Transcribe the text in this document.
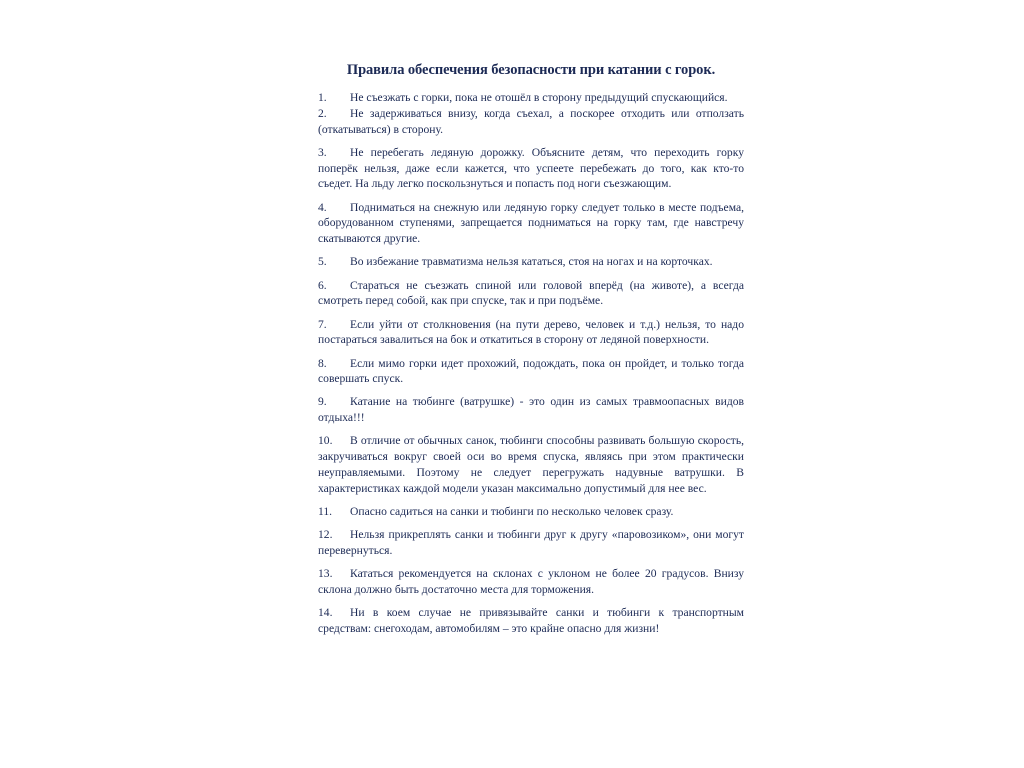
Правила обеспечения безопасности при катании с горок.
1. Не съезжать с горки, пока не отошёл в сторону предыдущий спускающийся.
2. Не задерживаться внизу, когда съехал, а поскорее отходить или отползать (откатываться) в сторону.
3. Не перебегать ледяную дорожку. Объясните детям, что переходить горку поперёк нельзя, даже если кажется, что успеете перебежать до того, как кто-то съедет. На льду легко поскользнуться и попасть под ноги съезжающим.
4. Подниматься на снежную или ледяную горку следует только в месте подъема, оборудованном ступенями, запрещается подниматься на горку там, где навстречу скатываются другие.
5. Во избежание травматизма нельзя кататься, стоя на ногах и на корточках.
6. Стараться не съезжать спиной или головой вперёд (на животе), а всегда смотреть перед собой, как при спуске, так и при подъёме.
7. Если уйти от столкновения (на пути дерево, человек и т.д.) нельзя, то надо постараться завалиться на бок и откатиться в сторону от ледяной поверхности.
8. Если мимо горки идет прохожий, подождать, пока он пройдет, и только тогда совершать спуск.
9. Катание на тюбинге (ватрушке) - это один из самых травмоопасных видов отдыха!!!
10. В отличие от обычных санок, тюбинги способны развивать большую скорость, закручиваться вокруг своей оси во время спуска, являясь при этом практически неуправляемыми. Поэтому не следует перегружать надувные ватрушки. В характеристиках каждой модели указан максимально допустимый для нее вес.
11. Опасно садиться на санки и тюбинги по несколько человек сразу.
12. Нельзя прикреплять санки и тюбинги друг к другу «паровозиком», они могут перевернуться.
13. Кататься рекомендуется на склонах с уклоном не более 20 градусов. Внизу склона должно быть достаточно места для торможения.
14. Ни в коем случае не привязывайте санки и тюбинги к транспортным средствам: снегоходам, автомобилям – это крайне опасно для жизни!
